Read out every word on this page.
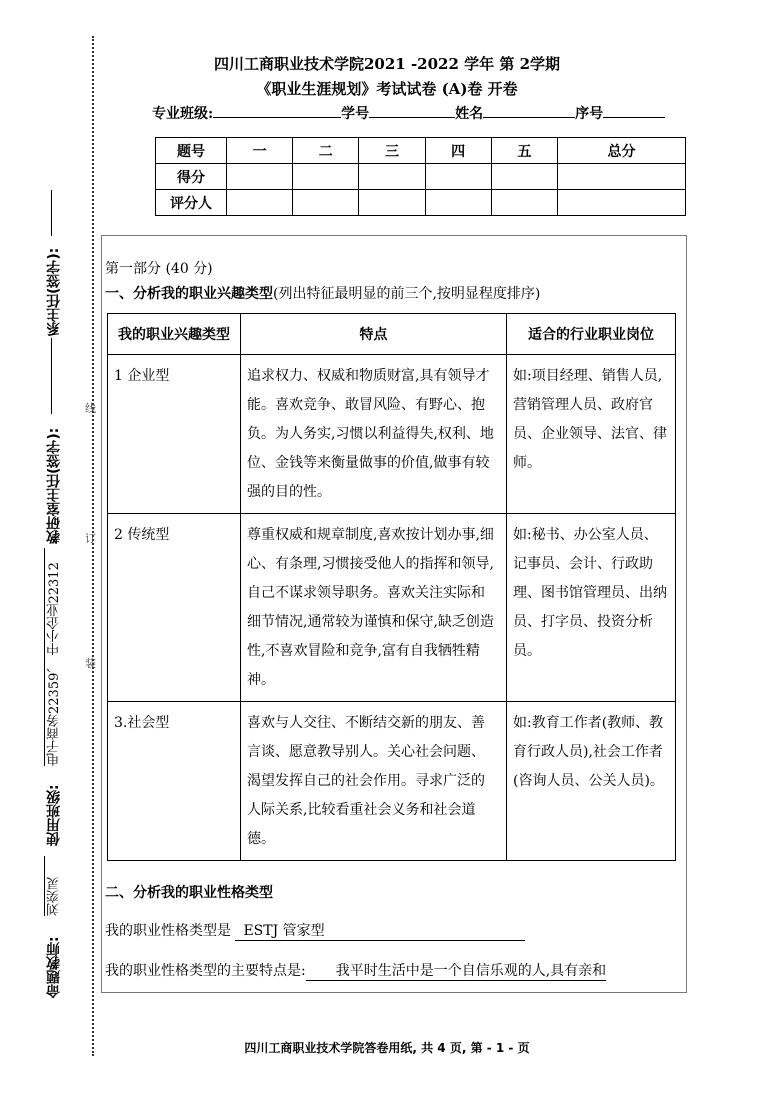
系主任(签字):
教研室主任(签字):
电子商务22359、 中小企业22312
使用班级:
刘奕灵
命题教师:
线
订
装
四川工商职业技术学院2021 -2022 学年 第 2学期
《职业生涯规划》考试试卷 (A)卷 开卷
专业班级:	学号	姓名	序号
题号	一	二	三	四	五	总分
得分						
评分人						
第一部分 (40 分)
一、分析我的职业兴趣类型(列出特征最明显的前三个,按明显程度排序)
我的职业兴趣类型	特点	适合的行业职业岗位
1 企业型	追求权力、权威和物质财富,具有领导才能。喜欢竞争、敢冒风险、有野心、抱负。为人务实,习惯以利益得失,权利、地位、金钱等来衡量做事的价值,做事有较强的目的性。	如:项目经理、销售人员,营销管理人员、政府官员、企业领导、法官、律师。
2 传统型	尊重权威和规章制度,喜欢按计划办事,细心、有条理,习惯接受他人的指挥和领导,自己不谋求领导职务。喜欢关注实际和细节情况,通常较为谨慎和保守,缺乏创造性,不喜欢冒险和竞争,富有自我牺牲精神。	如:秘书、办公室人员、记事员、会计、行政助理、图书馆管理员、出纳员、打字员、投资分析员。
3.社会型	喜欢与人交往、不断结交新的朋友、善言谈、愿意教导别人。关心社会问题、渴望发挥自己的社会作用。寻求广泛的人际关系,比较看重社会义务和社会道德。	如:教育工作者(教师、教育行政人员),社会工作者(咨询人员、公关人员)。
二、分析我的职业性格类型
我的职业性格类型是 ESTJ 管家型
我的职业性格类型的主要特点是: 我平时生活中是一个自信乐观的人,具有亲和
四川工商职业技术学院答卷用纸, 共 4 页, 第 - 1 - 页
